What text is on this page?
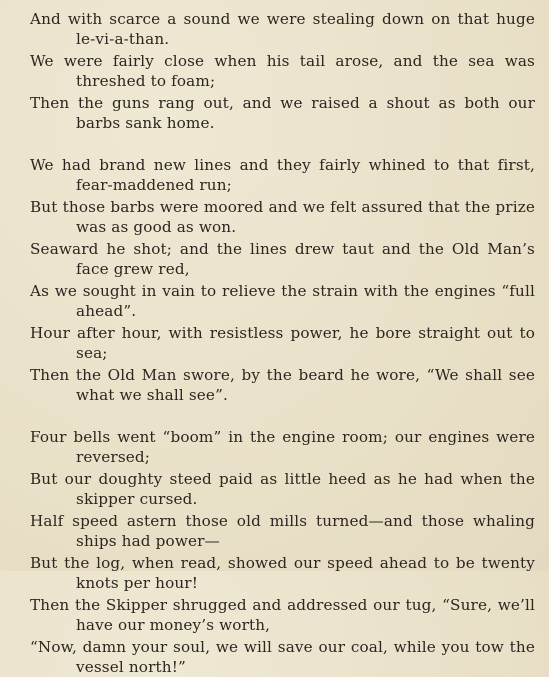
And with scarce a sound we were stealing down on that huge le-vi-a-than.

We were fairly close when his tail arose, and the sea was threshed to foam;

Then the guns rang out, and we raised a shout as both our barbs sank home.

We had brand new lines and they fairly whined to that first, fear-maddened run;

But those barbs were moored and we felt assured that the prize was as good as won.

Seaward he shot; and the lines drew taut and the Old Man’s face grew red,

As we sought in vain to relieve the strain with the engines “full ahead”.

Hour after hour, with resistless power, he bore straight out to sea;

Then the Old Man swore, by the beard he wore, “We shall see what we shall see”.

Four bells went “boom” in the engine room; our engines were reversed;

But our doughty steed paid as little heed as he had when the skipper cursed.

Half speed astern those old mills turned—and those whaling ships had power—

But the log, when read, showed our speed ahead to be twenty knots per hour!

Then the Skipper shrugged and addressed our tug, “Sure, we’ll have our money’s worth,

“Now, damn your soul, we will save our coal, while you tow the vessel north!”
